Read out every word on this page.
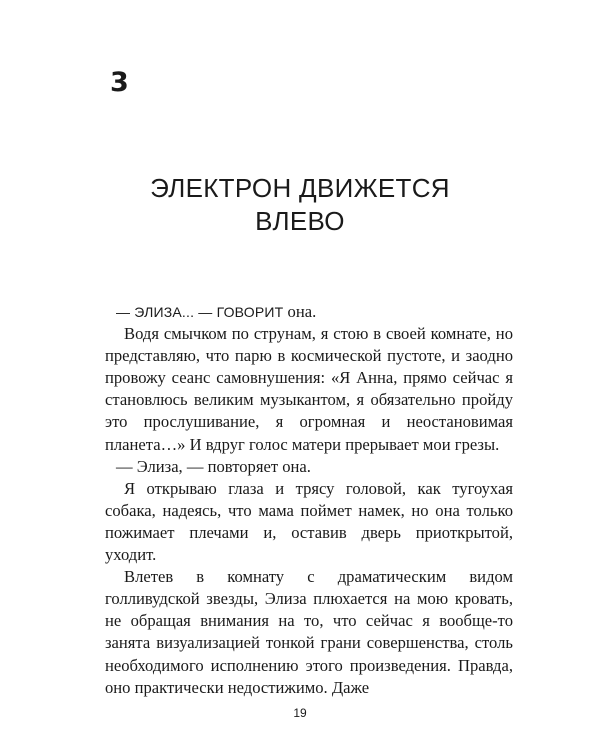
3
ЭЛЕКТРОН ДВИЖЕТСЯ
ВЛЕВО

— ЭЛИЗА... — ГОВОРИТ она.

Водя смычком по струнам, я стою в своей комнате, но представляю, что парю в космической пустоте, и заодно провожу сеанс самовнушения: «Я Анна, прямо сейчас я становлюсь великим музыкантом, я обязательно пройду это прослушивание, я огромная и неостановимая планета…» И вдруг голос матери прерывает мои грезы.

— Элиза, — повторяет она.

Я открываю глаза и трясу головой, как тугоухая собака, надеясь, что мама поймет намек, но она только пожимает плечами и, оставив дверь приоткрытой, уходит.

Влетев в комнату с драматическим видом голливудской звезды, Элиза плюхается на мою кровать, не обращая внимания на то, что сейчас я вообще-то занята визуализацией тонкой грани совершенства, столь необходимого исполнению этого произведения. Правда, оно практически недостижимо. Даже

19
